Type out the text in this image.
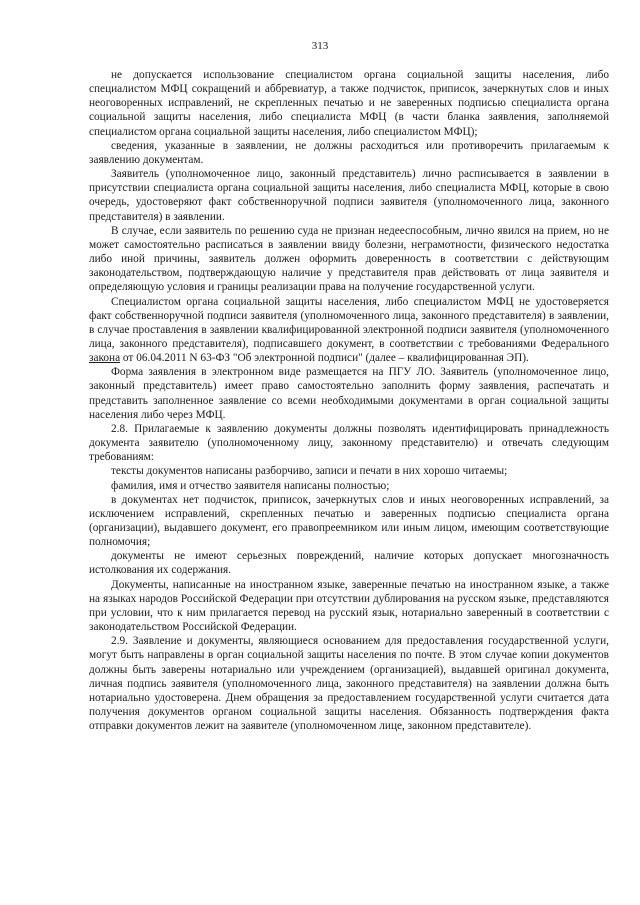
313

не допускается использование специалистом органа социальной защиты населения, либо специалистом МФЦ сокращений и аббревиатур, а также подчисток, приписок, зачеркнутых слов и иных неоговоренных исправлений, не скрепленных печатью и не заверенных подписью специалиста органа социальной защиты населения, либо специалиста МФЦ (в части бланка заявления, заполняемой специалистом органа социальной защиты населения, либо специалистом МФЦ);

сведения, указанные в заявлении, не должны расходиться или противоречить прилагаемым к заявлению документам.

Заявитель (уполномоченное лицо, законный представитель) лично расписывается в заявлении в присутствии специалиста органа социальной защиты населения, либо специалиста МФЦ, которые в свою очередь, удостоверяют факт собственноручной подписи заявителя (уполномоченного лица, законного представителя) в заявлении.

В случае, если заявитель по решению суда не признан недееспособным, лично явился на прием, но не может самостоятельно расписаться в заявлении ввиду болезни, неграмотности, физического недостатка либо иной причины, заявитель должен оформить доверенность в соответствии с действующим законодательством, подтверждающую наличие у представителя прав действовать от лица заявителя и определяющую условия и границы реализации права на получение государственной услуги.

Специалистом органа социальной защиты населения, либо специалистом МФЦ не удостоверяется факт собственноручной подписи заявителя (уполномоченного лица, законного представителя) в заявлении, в случае проставления в заявлении квалифицированной электронной подписи заявителя (уполномоченного лица, законного представителя), подписавшего документ, в соответствии с требованиями Федерального закона от 06.04.2011 N 63-ФЗ "Об электронной подписи" (далее – квалифицированная ЭП).

Форма заявления в электронном виде размещается на ПГУ ЛО. Заявитель (уполномоченное лицо, законный представитель) имеет право самостоятельно заполнить форму заявления, распечатать и представить заполненное заявление со всеми необходимыми документами в орган социальной защиты населения либо через МФЦ.

2.8. Прилагаемые к заявлению документы должны позволять идентифицировать принадлежность документа заявителю (уполномоченному лицу, законному представителю) и отвечать следующим требованиям:

тексты документов написаны разборчиво, записи и печати в них хорошо читаемы;

фамилия, имя и отчество заявителя написаны полностью;

в документах нет подчисток, приписок, зачеркнутых слов и иных неоговоренных исправлений, за исключением исправлений, скрепленных печатью и заверенных подписью специалиста органа (организации), выдавшего документ, его правопреемником или иным лицом, имеющим соответствующие полномочия;

документы не имеют серьезных повреждений, наличие которых допускает многозначность истолкования их содержания.

Документы, написанные на иностранном языке, заверенные печатью на иностранном языке, а также на языках народов Российской Федерации при отсутствии дублирования на русском языке, представляются при условии, что к ним прилагается перевод на русский язык, нотариально заверенный в соответствии с законодательством Российской Федерации.

2.9. Заявление и документы, являющиеся основанием для предоставления государственной услуги, могут быть направлены в орган социальной защиты населения по почте. В этом случае копии документов должны быть заверены нотариально или учреждением (организацией), выдавшей оригинал документа, личная подпись заявителя (уполномоченного лица, законного представителя) на заявлении должна быть нотариально удостоверена. Днем обращения за предоставлением государственной услуги считается дата получения документов органом социальной защиты населения. Обязанность подтверждения факта отправки документов лежит на заявителе (уполномоченном лице, законном представителе).
